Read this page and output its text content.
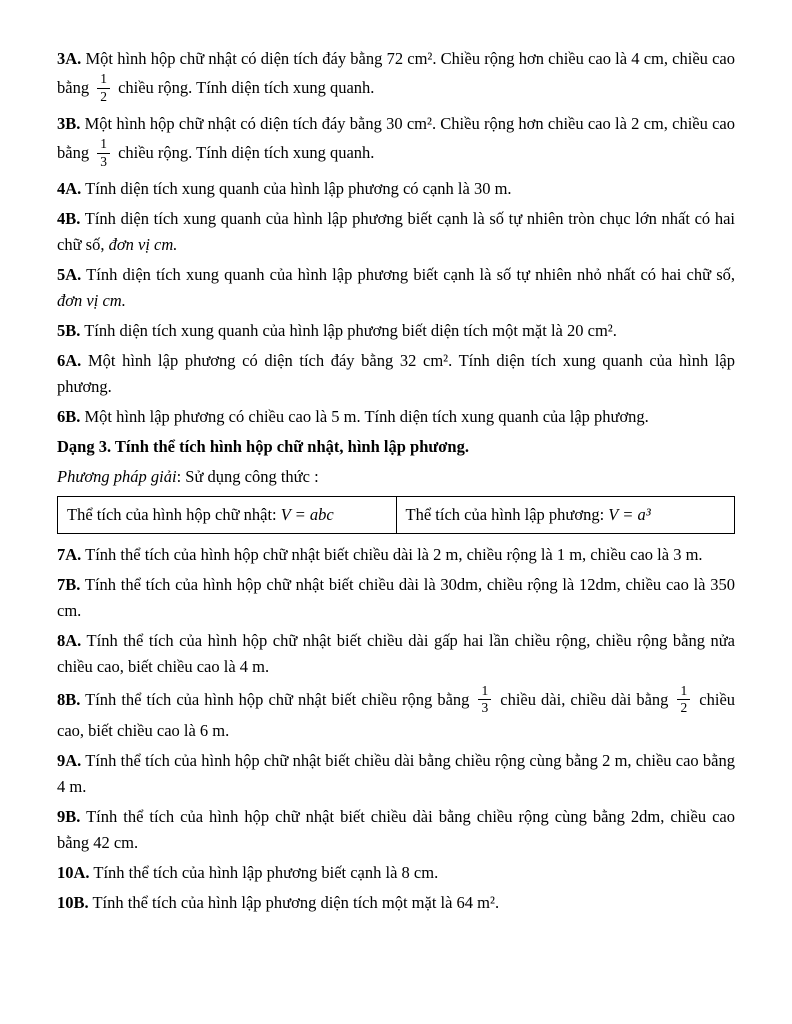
3A. Một hình hộp chữ nhật có diện tích đáy bằng 72 cm². Chiều rộng hơn chiều cao là 4 cm, chiều cao bằng $\frac{1}{2}$ chiều rộng. Tính diện tích xung quanh.

3B. Một hình hộp chữ nhật có diện tích đáy bằng 30 cm². Chiều rộng hơn chiều cao là 2 cm, chiều cao bằng $\frac{1}{3}$ chiều rộng. Tính diện tích xung quanh.

4A. Tính diện tích xung quanh của hình lập phương có cạnh là 30 m.

4B. Tính diện tích xung quanh của hình lập phương biết cạnh là số tự nhiên tròn chục lớn nhất có hai chữ số, đơn vị cm.

5A. Tính diện tích xung quanh của hình lập phương biết cạnh là số tự nhiên nhỏ nhất có hai chữ số, đơn vị cm.

5B. Tính diện tích xung quanh của hình lập phương biết diện tích một mặt là 20 cm².

6A. Một hình lập phương có diện tích đáy bằng 32 cm². Tính diện tích xung quanh của hình lập phương.

6B. Một hình lập phương có chiều cao là 5 m. Tính diện tích xung quanh của lập phương.

Dạng 3. Tính thể tích hình hộp chữ nhật, hình lập phương.

Phương pháp giải: Sử dụng công thức :

Thể tích của hình hộp chữ nhật: V = abc	Thể tích của hình lập phương: V = a³

7A. Tính thể tích của hình hộp chữ nhật biết chiều dài là 2 m, chiều rộng là 1 m, chiều cao là 3 m.

7B. Tính thể tích của hình hộp chữ nhật biết chiều dài là 30dm, chiều rộng là 12dm, chiều cao là 350 cm.

8A. Tính thể tích của hình hộp chữ nhật biết chiều dài gấp hai lần chiều rộng, chiều rộng bằng nửa chiều cao, biết chiều cao là 4 m.

8B. Tính thể tích của hình hộp chữ nhật biết chiều rộng bằng $\frac{1}{3}$ chiều dài, chiều dài bằng $\frac{1}{2}$ chiều cao, biết chiều cao là 6 m.

9A. Tính thể tích của hình hộp chữ nhật biết chiều dài bằng chiều rộng cùng bằng 2 m, chiều cao bằng 4 m.

9B. Tính thể tích của hình hộp chữ nhật biết chiều dài bằng chiều rộng cùng bằng 2dm, chiều cao bằng 42 cm.

10A. Tính thể tích của hình lập phương biết cạnh là 8 cm.

10B. Tính thể tích của hình lập phương diện tích một mặt là 64 m².
